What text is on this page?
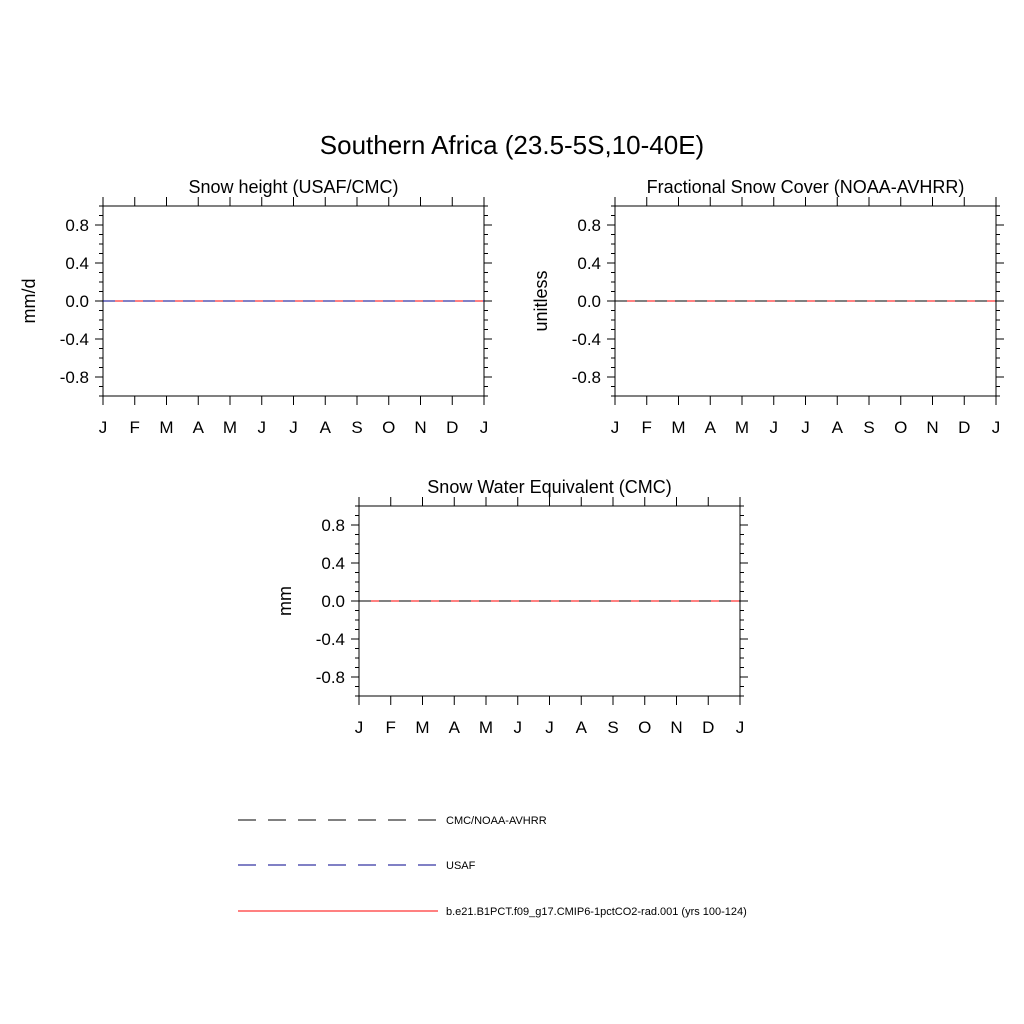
Southern Africa (23.5-5S,10-40E)
Snow height (USAF/CMC)
mm/d
0.8
0.4
0.0
-0.4
-0.8
J F M A M J J A S O N D J
Fractional Snow Cover (NOAA-AVHRR)
unitless
0.8
0.4
0.0
-0.4
-0.8
J F M A M J J A S O N D J
Snow Water Equivalent (CMC)
mm
0.8
0.4
0.0
-0.4
-0.8
J F M A M J J A S O N D J
CMC/NOAA-AVHRR
USAF
b.e21.B1PCT.f09_g17.CMIP6-1pctCO2-rad.001 (yrs 100-124)
